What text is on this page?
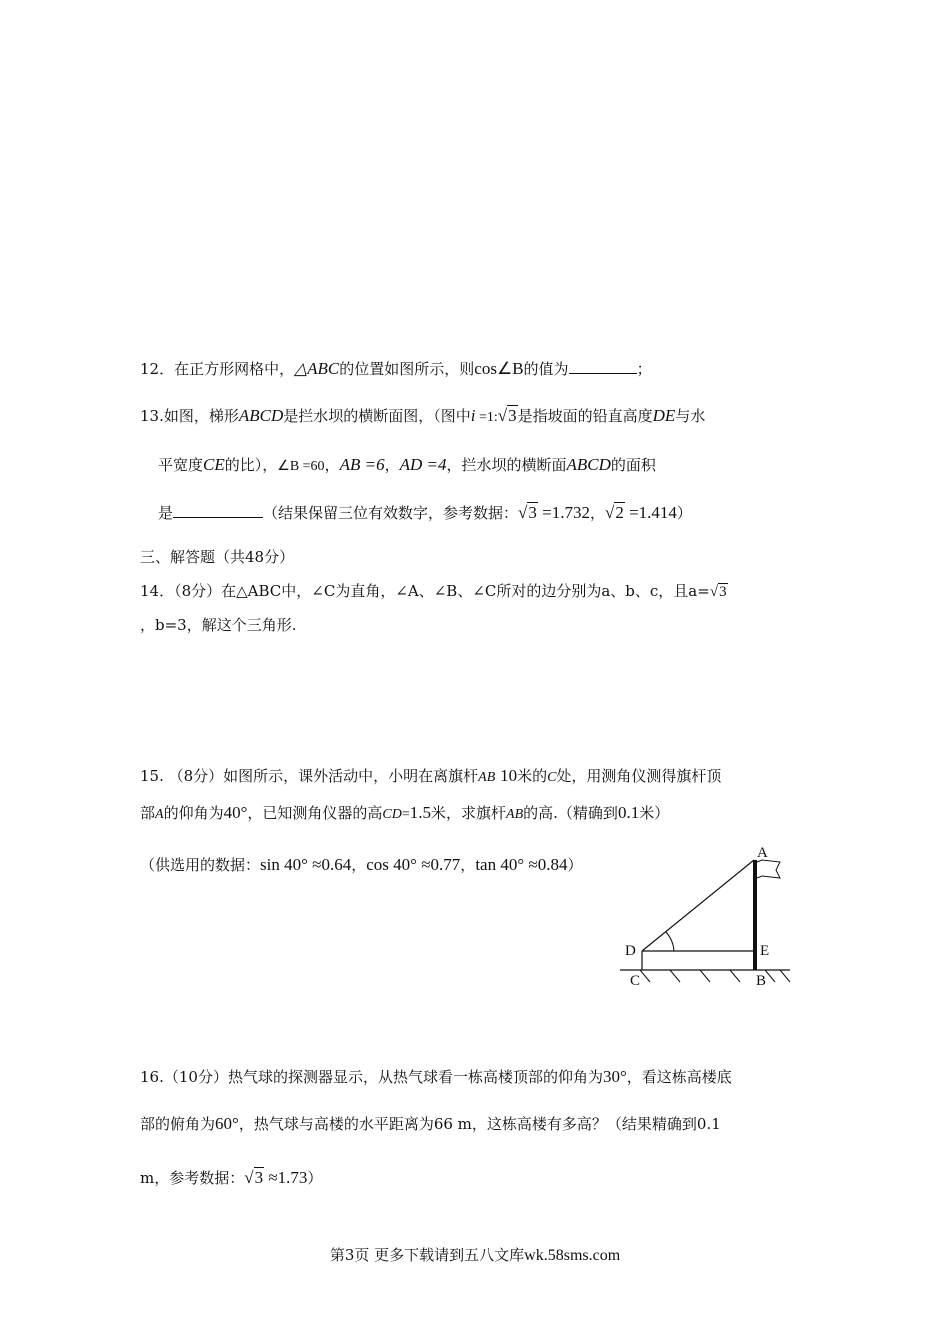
12．在正方形网格中，△ABC的位置如图所示，则cos∠B的值为	；
13.如图，梯形ABCD是拦水坝的横断面图，（图中i =1:√3是指坡面的铅直高度DE与水
平宽度CE的比），∠B =60，AB =6，AD =4，拦水坝的横断面ABCD的面积
是	（结果保留三位有效数字，参考数据：√3 =1.732，√2 =1.414）
三、解答题（共48分）
14．（8分）在△ABC中，∠C为直角，∠A、∠B、∠C所对的边分别为a、b、c，且a=√3
，b=3，解这个三角形.
15. （8分）如图所示，课外活动中，小明在离旗杆AB 10米的C处，用测角仪测得旗杆顶
部A的仰角为40°，已知测角仪器的高CD=1.5米，求旗杆AB的高.（精确到0.1米）
（供选用的数据：sin 40° ≈0.64，cos 40° ≈0.77，tan 40° ≈0.84）
A
D	E
C	B
16.（10分）热气球的探测器显示，从热气球看一栋高楼顶部的仰角为30°，看这栋高楼底
部的俯角为60°，热气球与高楼的水平距离为66 m，这栋高楼有多高？（结果精确到0.1
m，参考数据：√3 ≈1.73）
第3页 更多下载请到五八文库wk.58sms.com
